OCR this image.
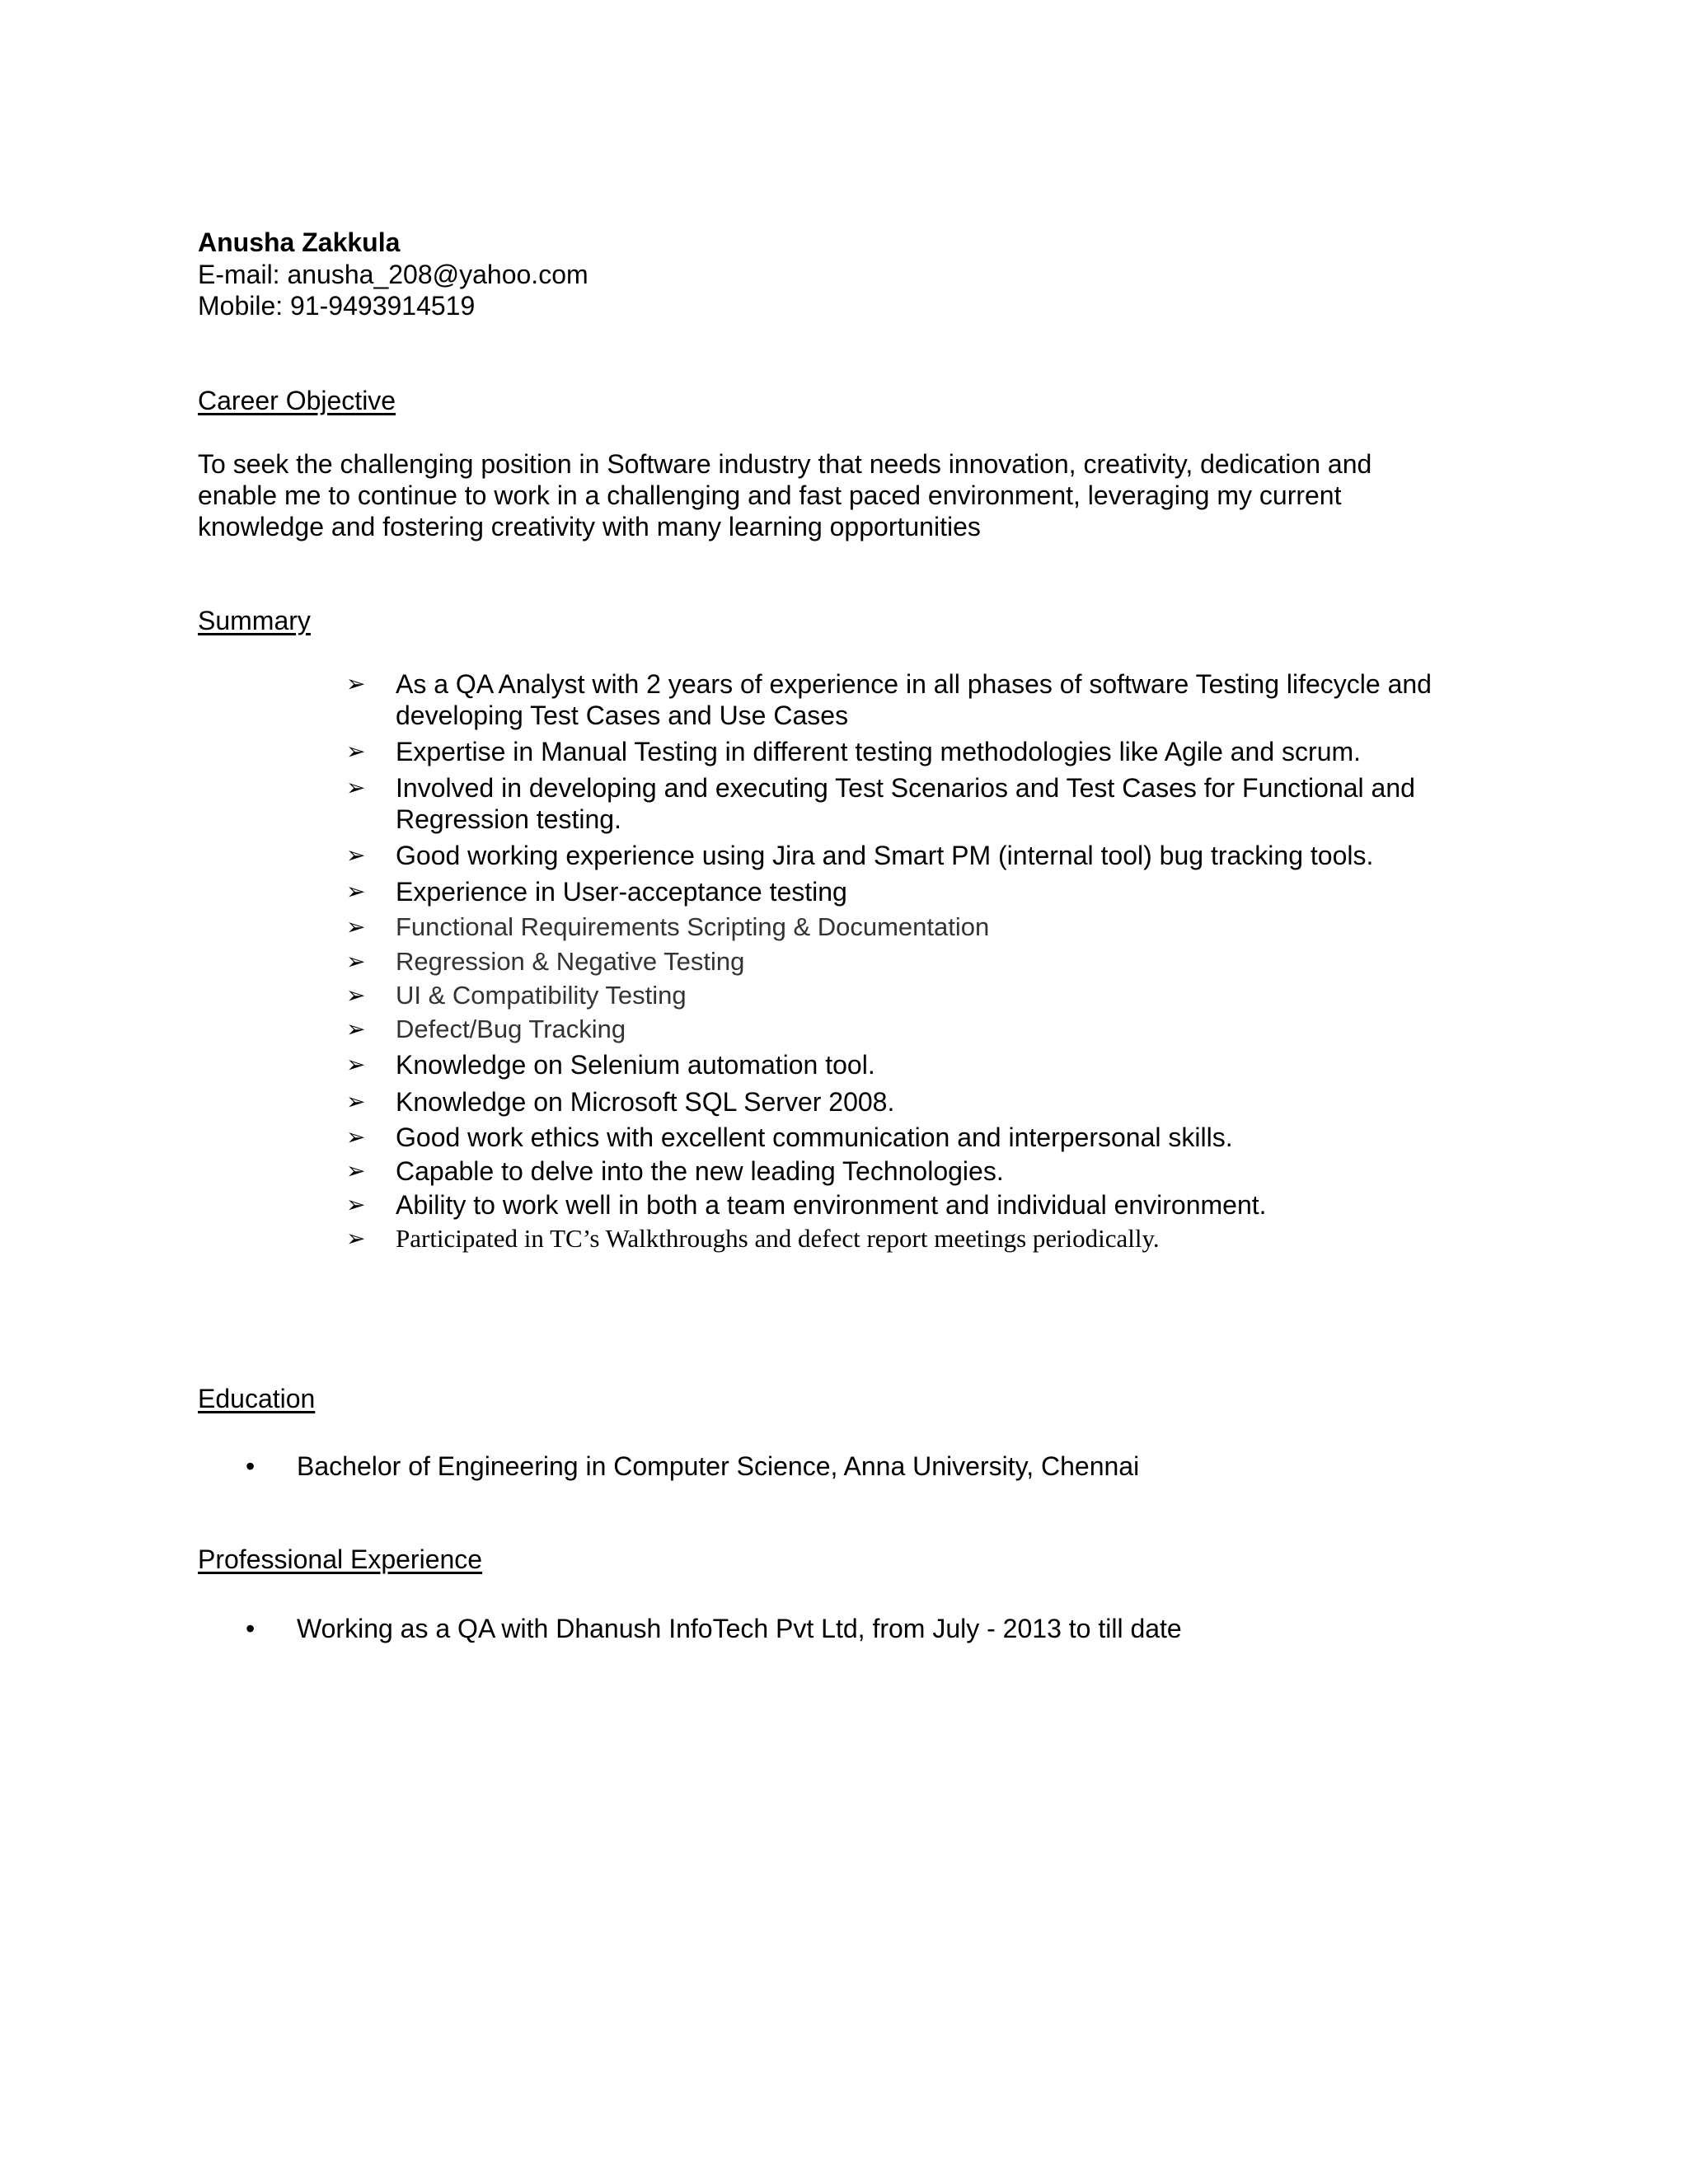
Anusha Zakkula
E-mail: anusha_208@yahoo.com
Mobile: 91-9493914519
Career Objective
To seek the challenging position in Software industry that needs innovation, creativity, dedication and
enable me to continue to work in a challenging and fast paced environment, leveraging my current
knowledge and fostering creativity with many learning opportunities
Summary
➢ As a QA Analyst with 2 years of experience in all phases of software Testing lifecycle and
developing Test Cases and Use Cases
➢ Expertise in Manual Testing in different testing methodologies like Agile and scrum.
➢ Involved in developing and executing Test Scenarios and Test Cases for Functional and
Regression testing.
➢ Good working experience using Jira and Smart PM (internal tool) bug tracking tools.
➢ Experience in User-acceptance testing
➢ Functional Requirements Scripting & Documentation
➢ Regression & Negative Testing
➢ UI & Compatibility Testing
➢ Defect/Bug Tracking
➢ Knowledge on Selenium automation tool.
➢ Knowledge on Microsoft SQL Server 2008.
➢ Good work ethics with excellent communication and interpersonal skills.
➢ Capable to delve into the new leading Technologies.
➢ Ability to work well in both a team environment and individual environment.
➢ Participated in TC’s Walkthroughs and defect report meetings periodically.
Education
• Bachelor of Engineering in Computer Science, Anna University, Chennai
Professional Experience
• Working as a QA with Dhanush InfoTech Pvt Ltd, from July - 2013 to till date
